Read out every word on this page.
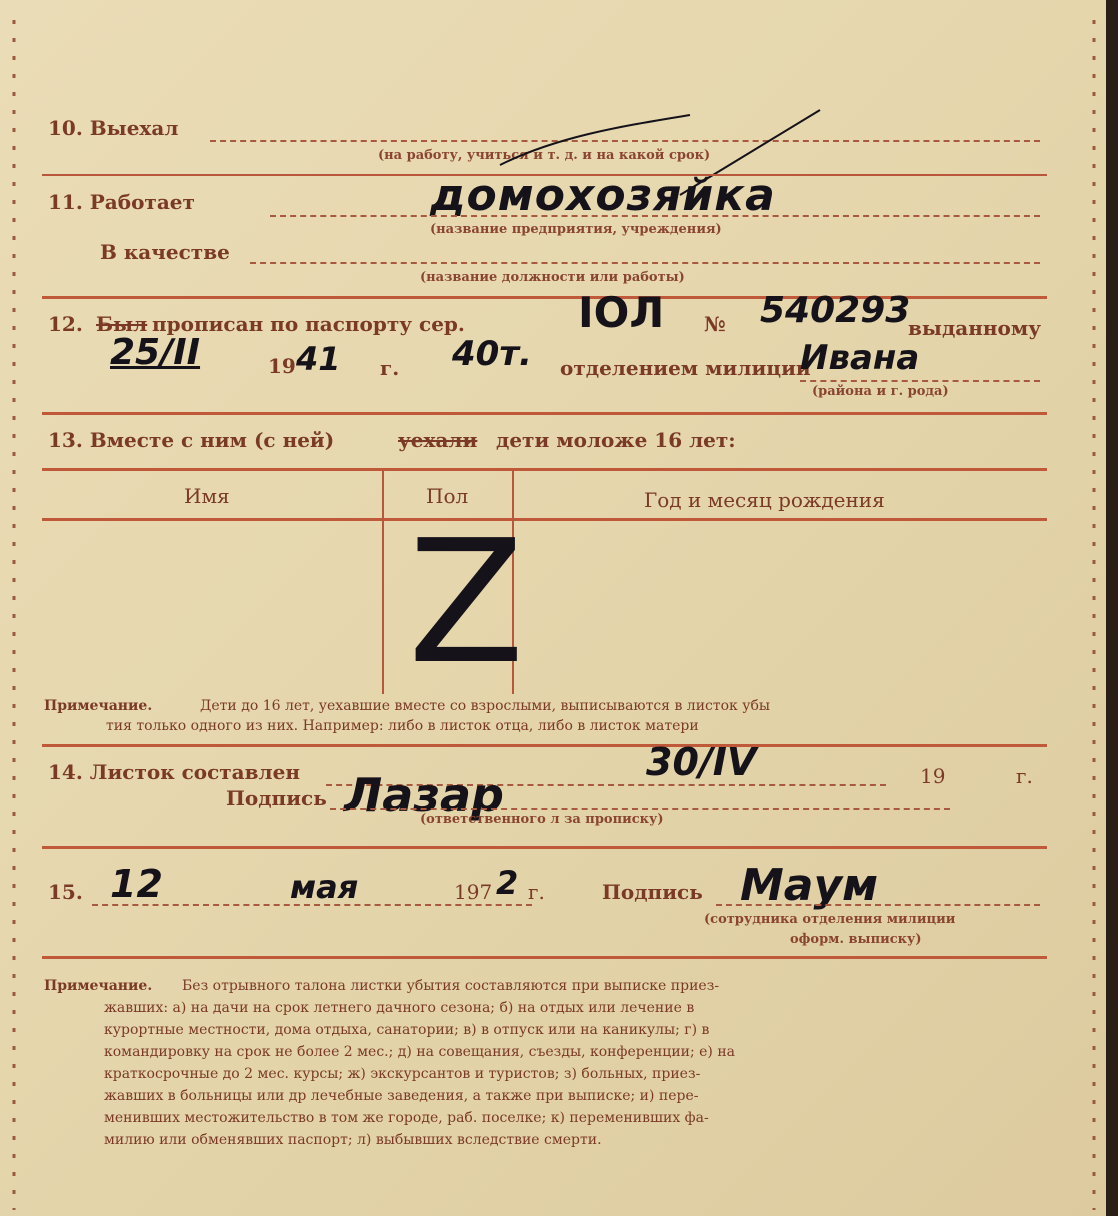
10. Выехал
(на работу, учиться и т. д. и на какой срок)
11. Работает	домохозяйка
(название предприятия, учреждения)
В качестве
(название должности или работы)
12. Был прописан по паспорту сер.	IОЛ № 540293
выданному
25/II	19 41 г. 40т. отделением милиции
Ивана
(района и г. рода)
13. Вместе с ним (с ней)	уехали дети моложе 16 лет:
Имя	Пол	Год и месяц рождения
Z
Примечание.	Дети до 16 лет, уехавшие вместе со взрослыми, выписываются в листок убы
тия только одного из них. Например: либо в листок отца, либо в листок матери
14. Листок составлен	30/IV	19	г.
Подпись Лазар
(ответственного л за прописку)
15. 12	мая	197 2 г.	Подпись Маум
(сотрудника отделения милиции
оформ. выписку)
Примечание. Без отрывного талона листки убытия составляются при выписке приез-
жавших: а) на дачи на срок летнего дачного сезона; б) на отдых или лечение в
курортные местности, дома отдыха, санатории; в) в отпуск или на каникулы; г) в
командировку на срок не более 2 мес.; д) на совещания, съезды, конференции; е) на
краткосрочные до 2 мес. курсы; ж) экскурсантов и туристов; з) больных, приез-
жавших в больницы или др лечебные заведения, а также при выписке; и) пере-
менивших местожительство в том же городе, раб. поселке; к) переменивших фа-
милию или обменявших паспорт; л) выбывших вследствие смерти.
